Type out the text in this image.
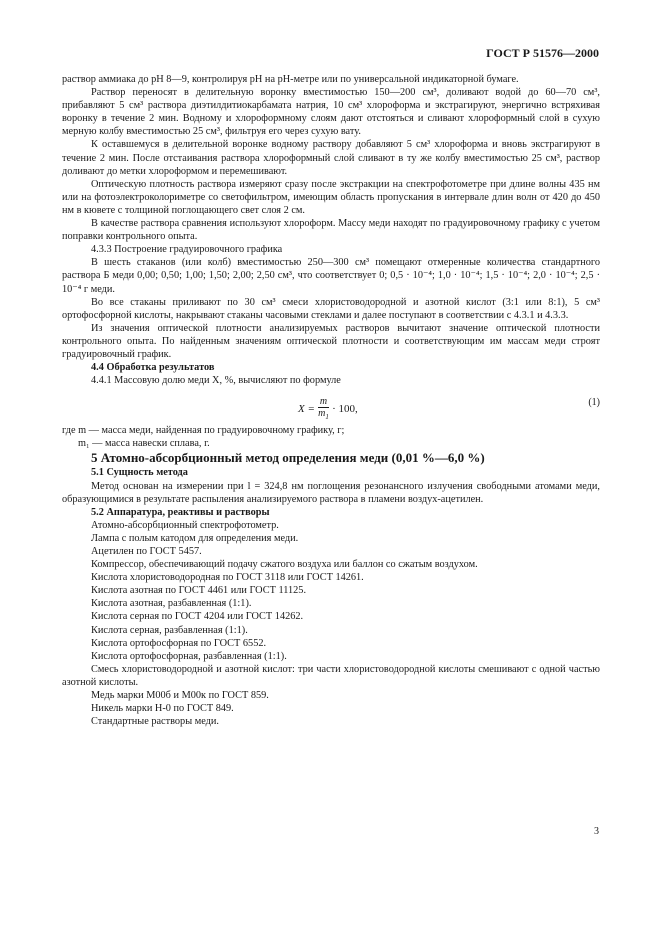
ГОСТ Р 51576—2000

раствор аммиака до рН 8—9, контролируя рН на рН-метре или по универсальной индикаторной бумаге.

Раствор переносят в делительную воронку вместимостью 150—200 см³, доливают водой до 60—70 см³, прибавляют 5 см³ раствора диэтилдитиокарбамата натрия, 10 см³ хлороформа и экстрагируют, энергично встряхивая воронку в течение 2 мин. Водному и хлороформному слоям дают отстояться и сливают хлороформный слой в сухую мерную колбу вместимостью 25 см³, фильтруя его через сухую вату.

К оставшемуся в делительной воронке водному раствору добавляют 5 см³ хлороформа и вновь экстрагируют в течение 2 мин. После отстаивания раствора хлороформный слой сливают в ту же колбу вместимостью 25 см³, раствор доливают до метки хлороформом и перемешивают.

Оптическую плотность раствора измеряют сразу после экстракции на спектрофотометре при длине волны 435 нм или на фотоэлектроколориметре со светофильтром, имеющим область пропускания в интервале длин волн от 420 до 450 нм в кювете с толщиной поглощающего свет слоя 2 см.

В качестве раствора сравнения используют хлороформ. Массу меди находят по градуировочному графику с учетом поправки контрольного опыта.

4.3.3 Построение градуировочного графика

В шесть стаканов (или колб) вместимостью 250—300 см³ помещают отмеренные количества стандартного раствора Б меди 0,00; 0,50; 1,00; 1,50; 2,00; 2,50 см³, что соответствует 0; 0,5 · 10⁻⁴; 1,0 · 10⁻⁴; 1,5 · 10⁻⁴; 2,0 · 10⁻⁴; 2,5 · 10⁻⁴ г меди.

Во все стаканы приливают по 30 см³ смеси хлористоводородной и азотной кислот (3:1 или 8:1), 5 см³ ортофосфорной кислоты, накрывают стаканы часовыми стеклами и далее поступают в соответствии с 4.3.1 и 4.3.3.

Из значения оптической плотности анализируемых растворов вычитают значение оптической плотности контрольного опыта. По найденным значениям оптической плотности и соответствующим им массам меди строят градуировочный график.

4.4 Обработка результатов

4.4.1 Массовую долю меди X, %, вычисляют по формуле

$X = \frac{m}{m_1} \cdot 100$,
(1)

где m — масса меди, найденная по градуировочному графику, г;

m₁ — масса навески сплава, г.

5 Атомно-абсорбционный метод определения меди (0,01 %—6,0 %)

5.1 Сущность метода

Метод основан на измерении при l = 324,8 нм поглощения резонансного излучения свободными атомами меди, образующимися в результате распыления анализируемого раствора в пламени воздух-ацетилен.

5.2 Аппаратура, реактивы и растворы

Атомно-абсорбционный спектрофотометр.

Лампа с полым катодом для определения меди.

Ацетилен по ГОСТ 5457.

Компрессор, обеспечивающий подачу сжатого воздуха или баллон со сжатым воздухом.

Кислота хлористоводородная по ГОСТ 3118 или ГОСТ 14261.

Кислота азотная по ГОСТ 4461 или ГОСТ 11125.

Кислота азотная, разбавленная (1:1).

Кислота серная по ГОСТ 4204 или ГОСТ 14262.

Кислота серная, разбавленная (1:1).

Кислота ортофосфорная по ГОСТ 6552.

Кислота ортофосфорная, разбавленная (1:1).

Смесь хлористоводородной и азотной кислот: три части хлористоводородной кислоты смешивают с одной частью азотной кислоты.

Медь марки М00б и М00к по ГОСТ 859.

Никель марки Н-0 по ГОСТ 849.

Стандартные растворы меди.

3
